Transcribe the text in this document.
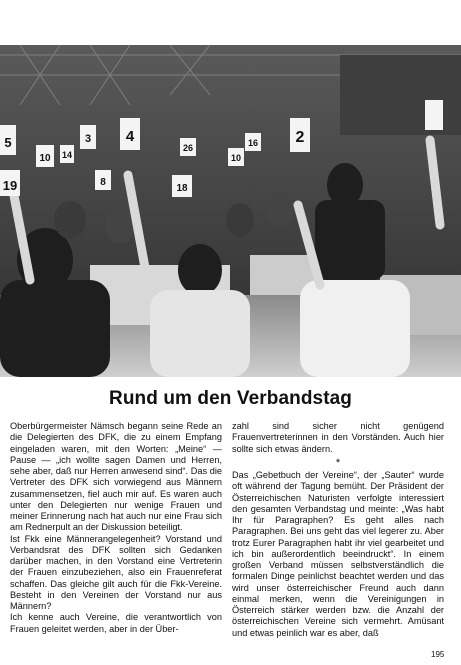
5
19
10
8
4
3
18
26
10
2
16
14
Rund um den Verbandstag

Oberbürgermeister Nämsch begann seine Rede an die Delegierten des DFK, die zu einem Empfang eingeladen waren, mit den Worten: „Meine“ — Pause — „ich wollte sagen Damen und Herren, sehe aber, daß nur Herren anwesend sind“. Das die Vertreter des DFK sich vorwiegend aus Männern zusammensetzen, fiel auch mir auf. Es waren auch unter den Delegierten nur wenige Frauen und meiner Erinnerung nach hat auch nur eine Frau sich am Rednerpult an der Diskussion beteiligt.

Ist Fkk eine Männerangelegenheit? Vorstand und Verbandsrat des DFK sollten sich Gedanken darüber machen, in den Vorstand eine Vertreterin der Frauen einzubeziehen, also ein Frauenreferat schaffen. Das gleiche gilt auch für die Fkk-Vereine. Besteht in den Vereinen der Vorstand nur aus Männern?

Ich kenne auch Vereine, die verantwortlich von Frauen geleitet werden, aber in der Über-

zahl sind sicher nicht genügend Frauenvertreterinnen in den Vorständen. Auch hier sollte sich etwas ändern.

*

Das „Gebetbuch der Vereine“, der „Sauter“ wurde oft während der Tagung bemüht. Der Präsident der Österreichischen Naturisten verfolgte interessiert den gesamten Verbandstag und meinte: „Was habt Ihr für Paragraphen? Es geht alles nach Paragraphen. Bei uns geht das viel legerer zu. Aber trotz Eurer Paragraphen habt ihr viel gearbeitet und ich bin außerordentlich beeindruckt“. In einem großen Verband müssen selbstverständlich die formalen Dinge peinlichst beachtet werden und das wird unser österreichischer Freund auch dann einmal merken, wenn die Vereinigungen in Österreich stärker werden bzw. die Anzahl der österreichischen Vereine sich vermehrt. Amüsant und etwas peinlich war es aber, daß

195
